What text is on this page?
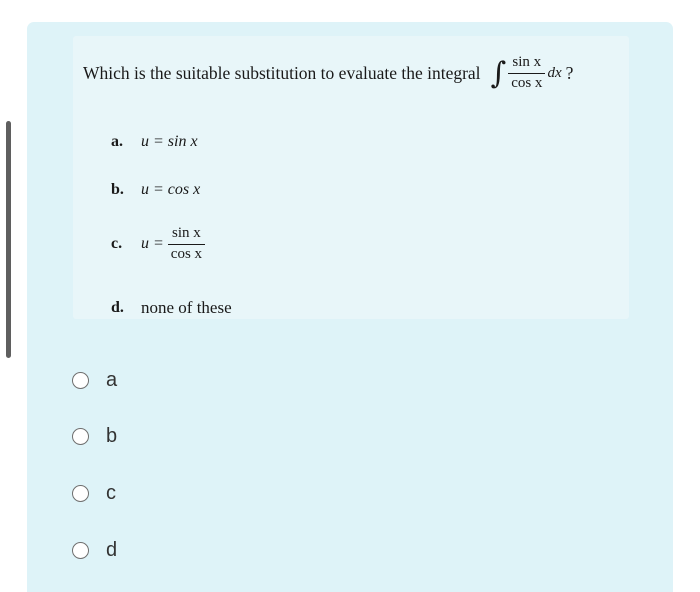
Which is the suitable substitution to evaluate the integral ∫ $\frac{\text{sin x}}{\text{cos x}}$ dx ?
a.	u = sin x
b.	u = cos x
c.	$u = \frac{\text{sin x}}{\text{cos x}}$
d.	none of these
a
b
c
d
